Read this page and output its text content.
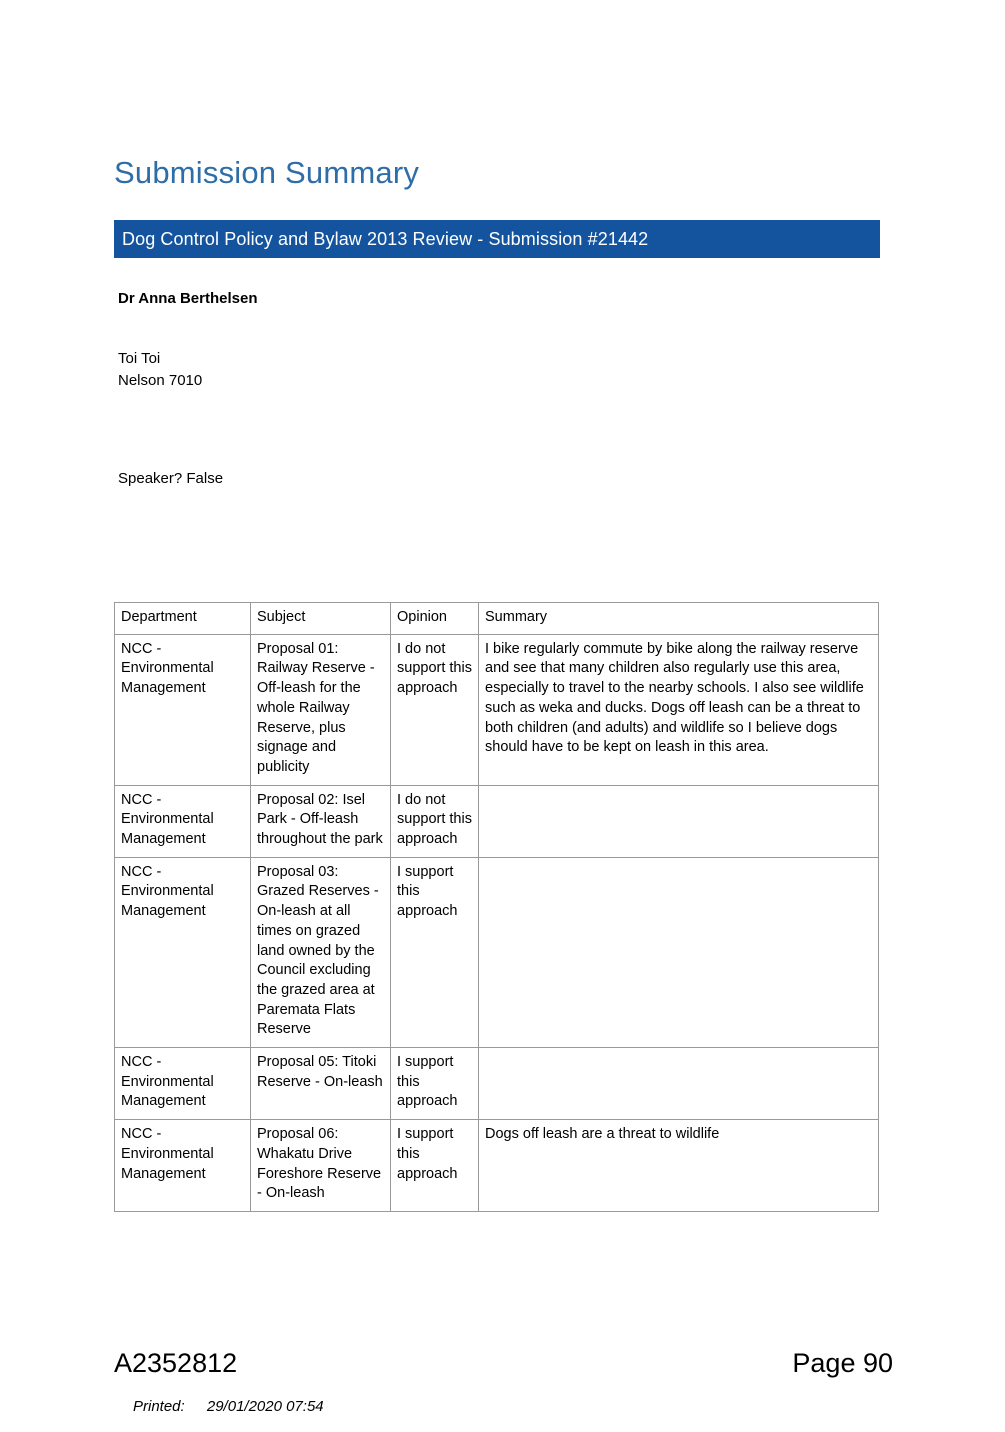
Submission Summary
Dog Control Policy and Bylaw 2013 Review - Submission #21442
Dr Anna Berthelsen
Toi Toi
Nelson 7010
Speaker? False
Department	Subject	Opinion	Summary
NCC - Environmental Management	Proposal 01: Railway Reserve - Off-leash for the whole Railway Reserve, plus signage and publicity	I do not support this approach	I bike regularly commute by bike along the railway reserve and see that many children also regularly use this area, especially to travel to the nearby schools. I also see wildlife such as weka and ducks. Dogs off leash can be a threat to both children (and adults) and wildlife so I believe dogs should have to be kept on leash in this area.
NCC - Environmental Management	Proposal 02: Isel Park - Off-leash throughout the park	I do not support this approach	
NCC - Environmental Management	Proposal 03: Grazed Reserves - On-leash at all times on grazed land owned by the Council excluding the grazed area at Paremata Flats Reserve	I support this approach	
NCC - Environmental Management	Proposal 05: Titoki Reserve - On-leash	I support this approach	
NCC - Environmental Management	Proposal 06: Whakatu Drive Foreshore Reserve - On-leash	I support this approach	Dogs off leash are a threat to wildlife
A2352812	Page 90
Printed: 29/01/2020 07:54
